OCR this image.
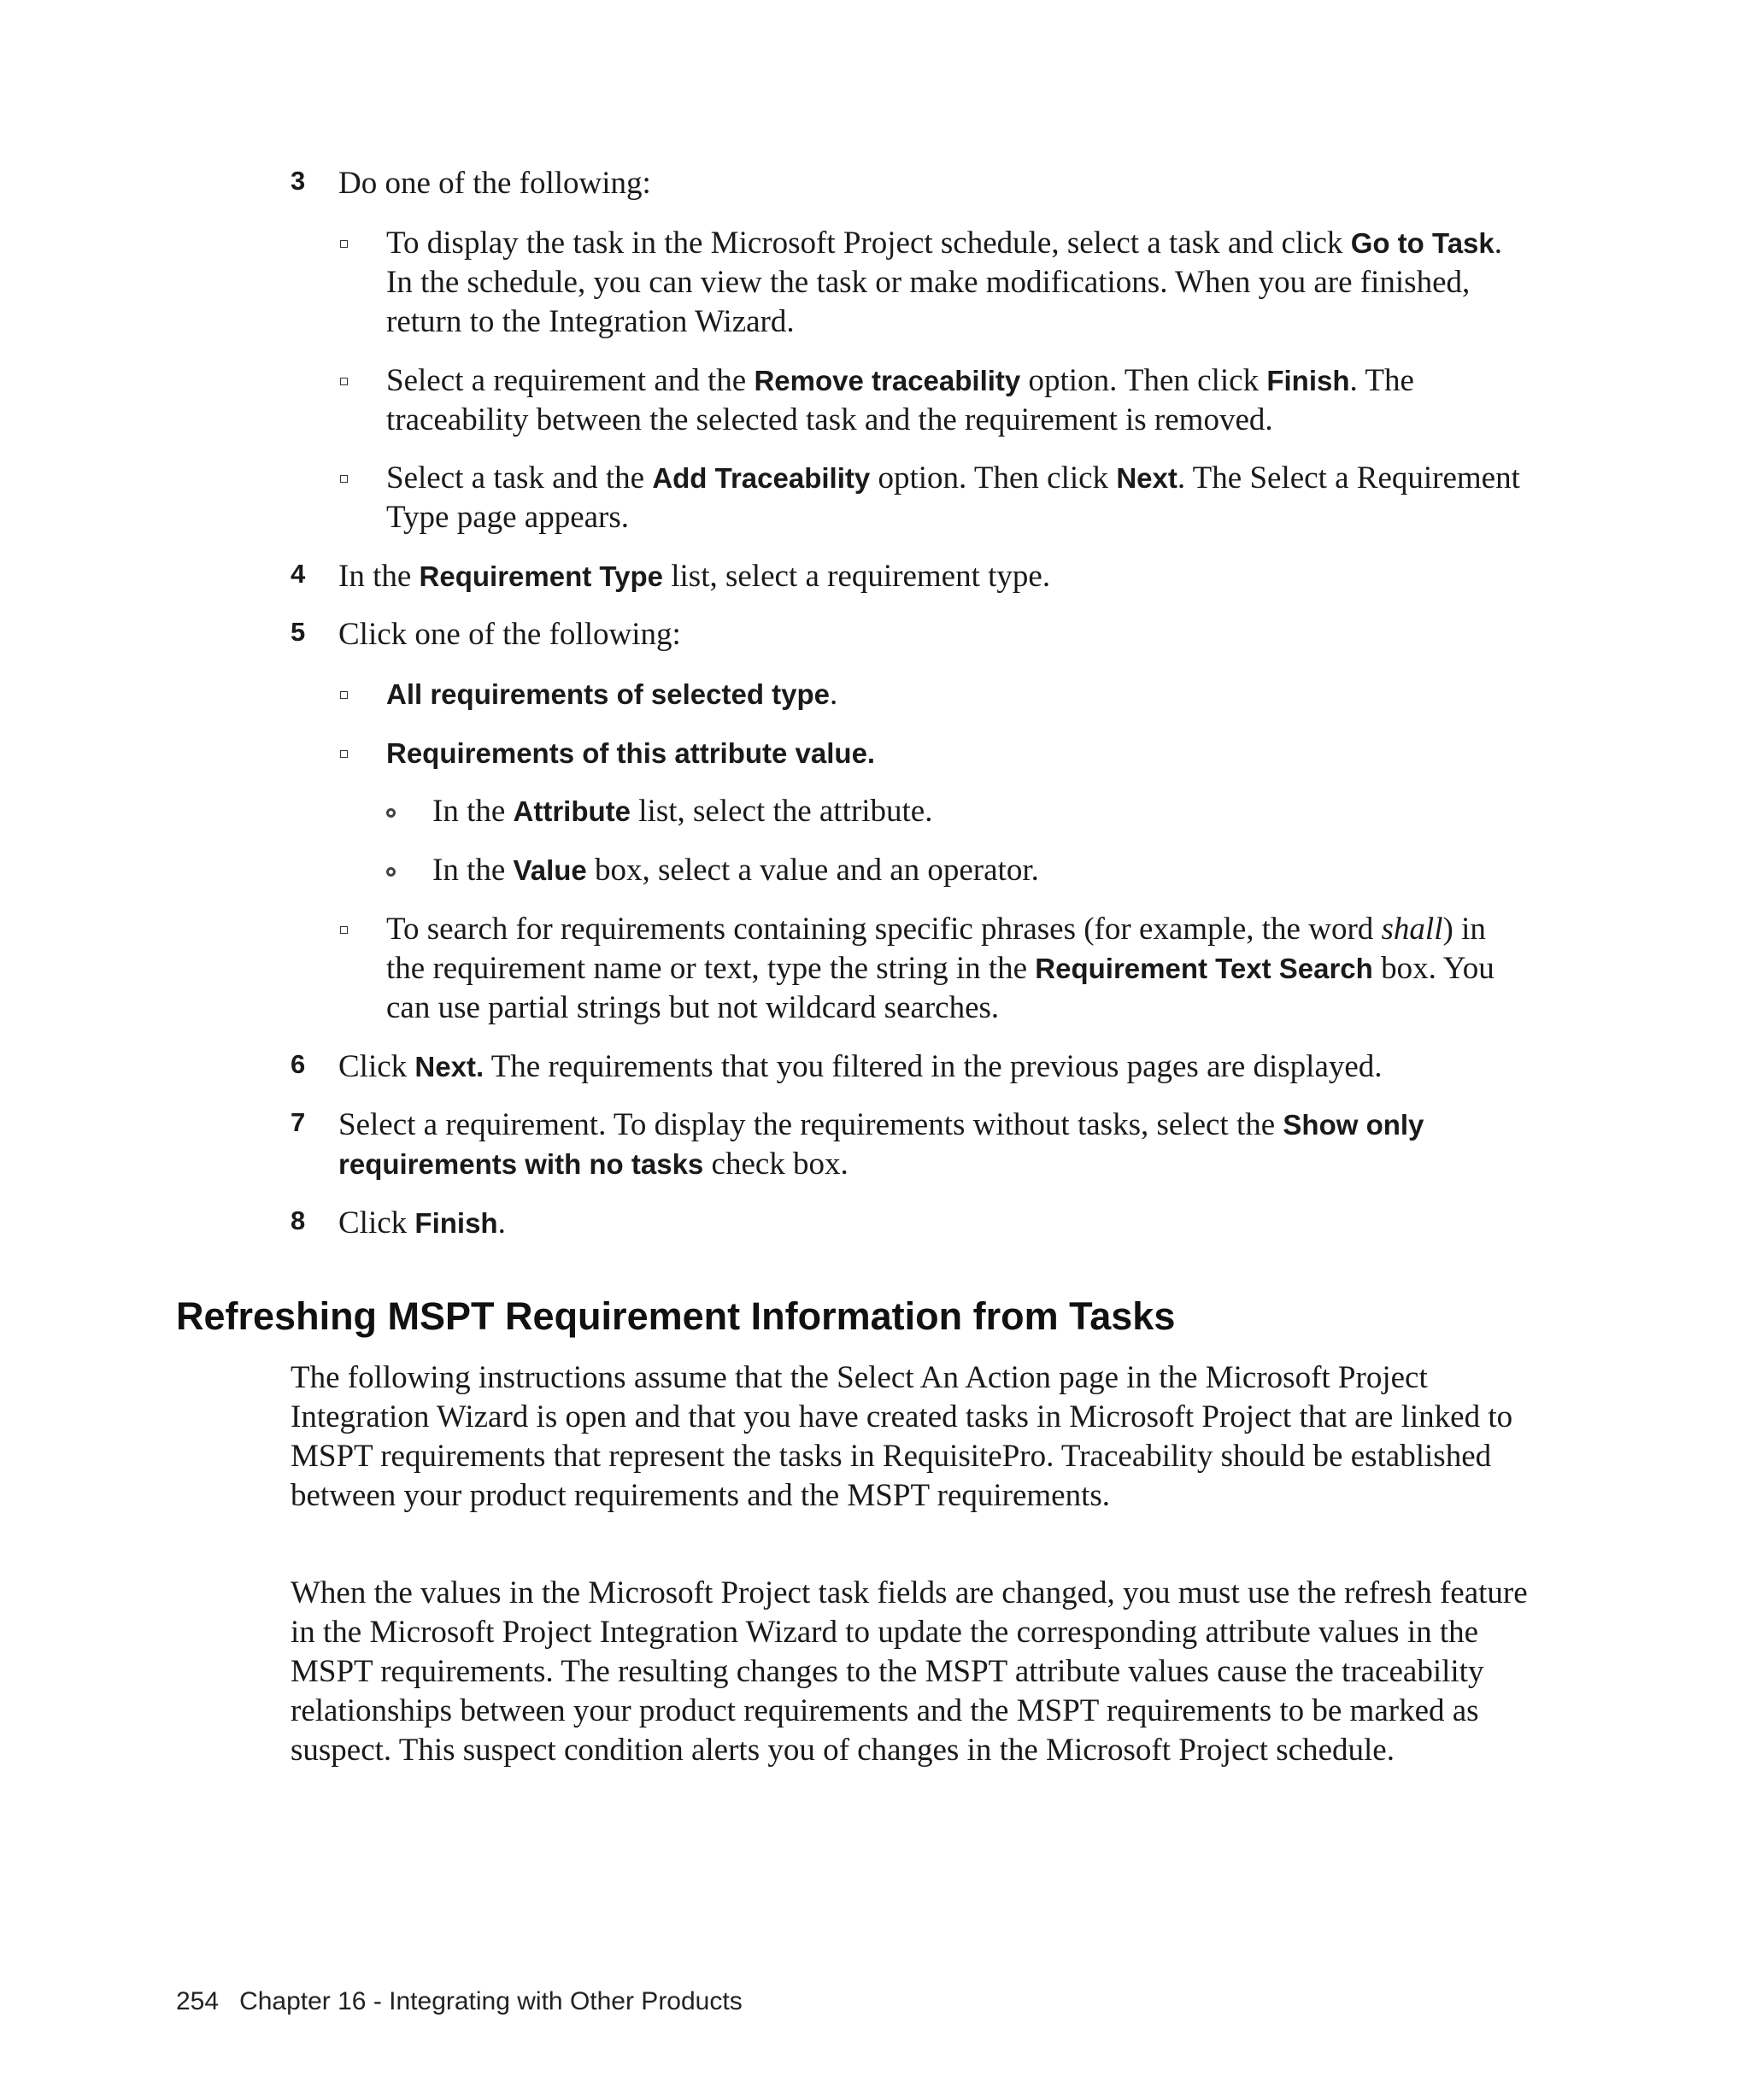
3 Do one of the following:
To display the task in the Microsoft Project schedule, select a task and click Go to Task. In the schedule, you can view the task or make modifications. When you are finished, return to the Integration Wizard.
Select a requirement and the Remove traceability option. Then click Finish. The traceability between the selected task and the requirement is removed.
Select a task and the Add Traceability option. Then click Next. The Select a Requirement Type page appears.
4 In the Requirement Type list, select a requirement type.
5 Click one of the following:
All requirements of selected type.
Requirements of this attribute value.
In the Attribute list, select the attribute.
In the Value box, select a value and an operator.
To search for requirements containing specific phrases (for example, the word shall) in the requirement name or text, type the string in the Requirement Text Search box. You can use partial strings but not wildcard searches.
6 Click Next. The requirements that you filtered in the previous pages are displayed.
7 Select a requirement. To display the requirements without tasks, select the Show only requirements with no tasks check box.
8 Click Finish.
Refreshing MSPT Requirement Information from Tasks
The following instructions assume that the Select An Action page in the Microsoft Project Integration Wizard is open and that you have created tasks in Microsoft Project that are linked to MSPT requirements that represent the tasks in RequisitePro. Traceability should be established between your product requirements and the MSPT requirements.
When the values in the Microsoft Project task fields are changed, you must use the refresh feature in the Microsoft Project Integration Wizard to update the corresponding attribute values in the MSPT requirements. The resulting changes to the MSPT attribute values cause the traceability relationships between your product requirements and the MSPT requirements to be marked as suspect. This suspect condition alerts you of changes in the Microsoft Project schedule.
254 Chapter 16 - Integrating with Other Products
